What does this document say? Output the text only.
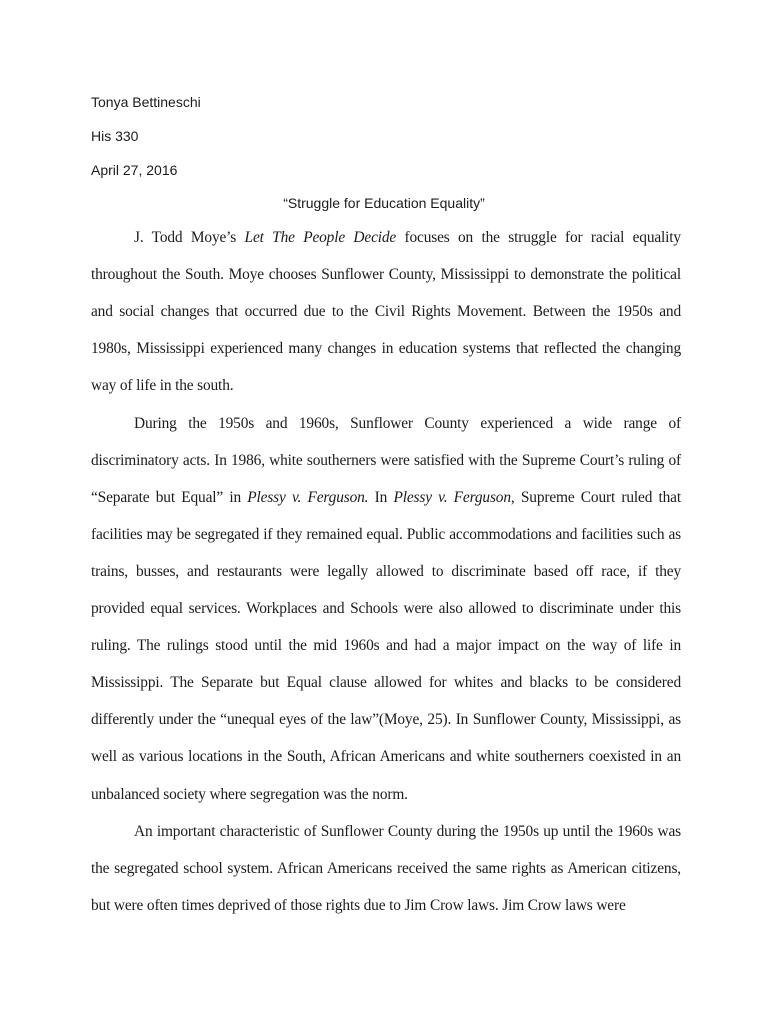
Tonya Bettineschi
His 330
April 27, 2016
“Struggle for Education Equality”
J. Todd Moye’s Let The People Decide focuses on the struggle for racial equality
throughout the South. Moye chooses Sunflower County, Mississippi to demonstrate the political
and social changes that occurred due to the Civil Rights Movement. Between the 1950s and
1980s, Mississippi experienced many changes in education systems that reflected the changing
way of life in the south.
During the 1950s and 1960s, Sunflower County experienced a wide range of
discriminatory acts. In 1986, white southerners were satisfied with the Supreme Court’s ruling of
“Separate but Equal” in Plessy v. Ferguson. In Plessy v. Ferguson, Supreme Court ruled that
facilities may be segregated if they remained equal. Public accommodations and facilities such as
trains, busses, and restaurants were legally allowed to discriminate based off race, if they
provided equal services. Workplaces and Schools were also allowed to discriminate under this
ruling. The rulings stood until the mid 1960s and had a major impact on the way of life in
Mississippi. The Separate but Equal clause allowed for whites and blacks to be considered
differently under the “unequal eyes of the law”(Moye, 25). In Sunflower County, Mississippi, as
well as various locations in the South, African Americans and white southerners coexisted in an
unbalanced society where segregation was the norm.
An important characteristic of Sunflower County during the 1950s up until the 1960s was
the segregated school system. African Americans received the same rights as American citizens,
but were often times deprived of those rights due to Jim Crow laws. Jim Crow laws were
